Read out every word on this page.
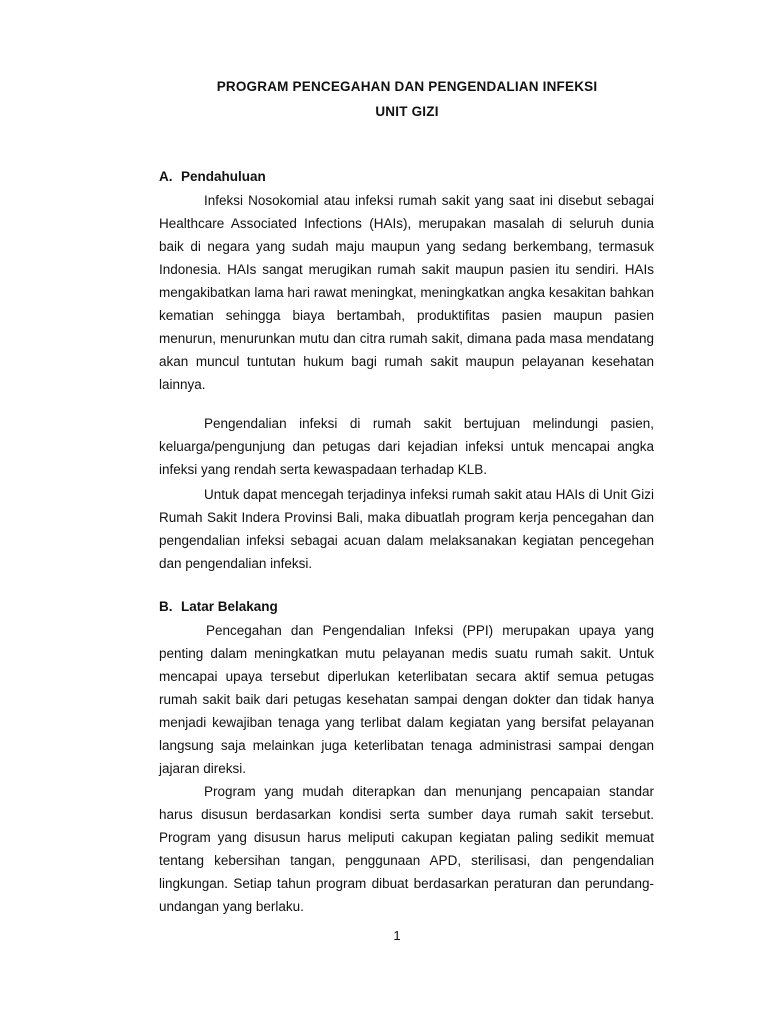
PROGRAM PENCEGAHAN DAN PENGENDALIAN INFEKSI
UNIT GIZI
A. Pendahuluan

Infeksi Nosokomial atau infeksi rumah sakit yang saat ini disebut sebagai Healthcare Associated Infections (HAIs), merupakan masalah di seluruh dunia baik di negara yang sudah maju maupun yang sedang berkembang, termasuk Indonesia. HAIs sangat merugikan rumah sakit maupun pasien itu sendiri. HAIs mengakibatkan lama hari rawat meningkat, meningkatkan angka kesakitan bahkan kematian sehingga biaya bertambah, produktifitas pasien maupun pasien menurun, menurunkan mutu dan citra rumah sakit, dimana pada masa mendatang akan muncul tuntutan hukum bagi rumah sakit maupun pelayanan kesehatan lainnya.

Pengendalian infeksi di rumah sakit bertujuan melindungi pasien, keluarga/pengunjung dan petugas dari kejadian infeksi untuk mencapai angka infeksi yang rendah serta kewaspadaan terhadap KLB.

Untuk dapat mencegah terjadinya infeksi rumah sakit atau HAIs di Unit Gizi Rumah Sakit Indera Provinsi Bali, maka dibuatlah program kerja pencegahan dan pengendalian infeksi sebagai acuan dalam melaksanakan kegiatan pencegehan dan pengendalian infeksi.

B. Latar Belakang

Pencegahan dan Pengendalian Infeksi (PPI) merupakan upaya yang penting dalam meningkatkan mutu pelayanan medis suatu rumah sakit. Untuk mencapai upaya tersebut diperlukan keterlibatan secara aktif semua petugas rumah sakit baik dari petugas kesehatan sampai dengan dokter dan tidak hanya menjadi kewajiban tenaga yang terlibat dalam kegiatan yang bersifat pelayanan langsung saja melainkan juga keterlibatan tenaga administrasi sampai dengan jajaran direksi.

Program yang mudah diterapkan dan menunjang pencapaian standar harus disusun berdasarkan kondisi serta sumber daya rumah sakit tersebut. Program yang disusun harus meliputi cakupan kegiatan paling sedikit memuat tentang kebersihan tangan, penggunaan APD, sterilisasi, dan pengendalian lingkungan. Setiap tahun program dibuat berdasarkan peraturan dan perundang-undangan yang berlaku.

1
